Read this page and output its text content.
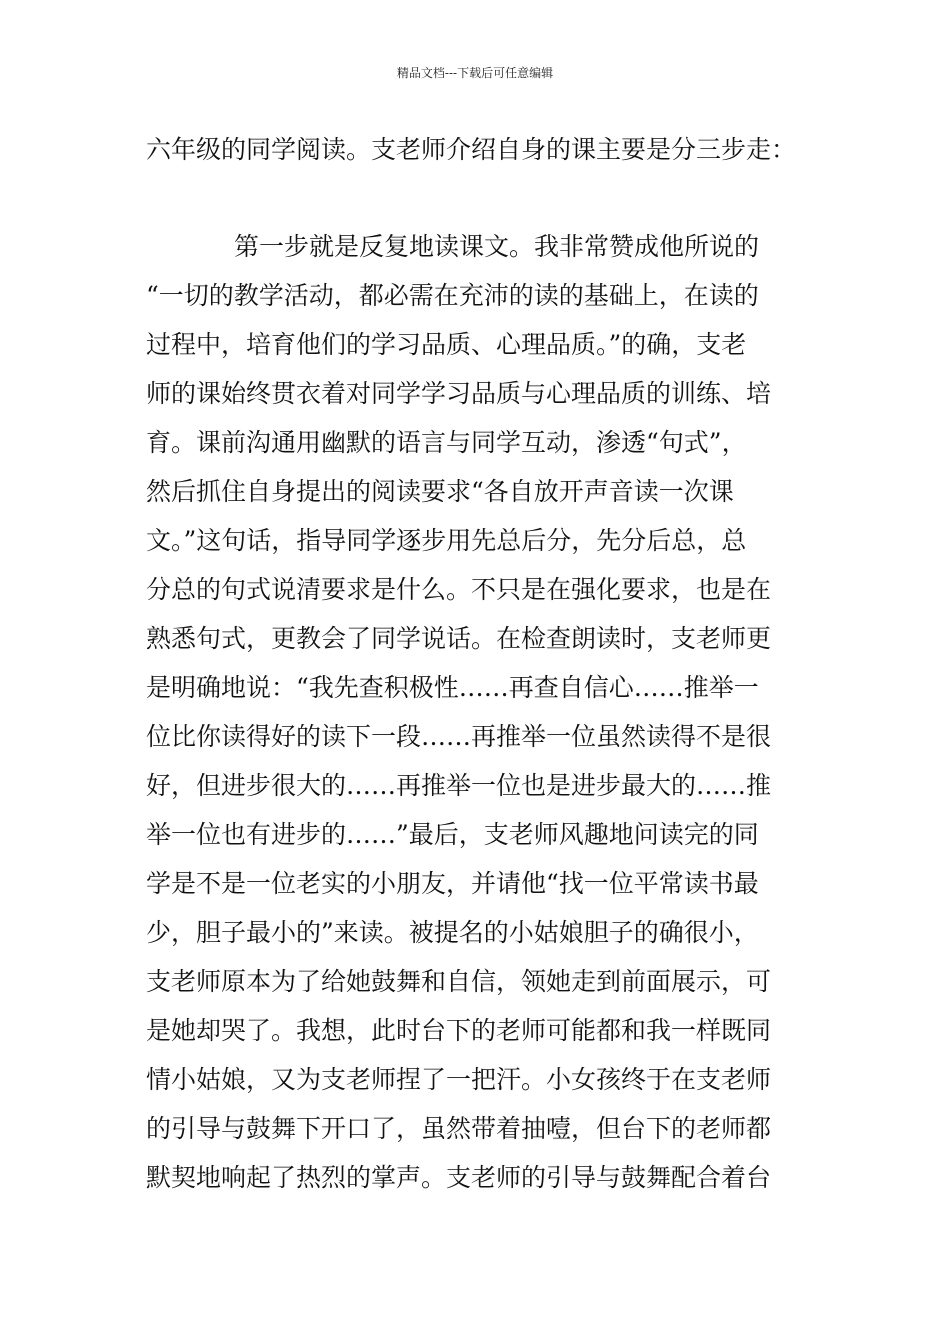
精品文档---下载后可任意编辑
六年级的同学阅读。支老师介绍自身的课主要是分三步走：
第一步就是反复地读课文。我非常赞成他所说的
“一切的教学活动，都必需在充沛的读的基础上，在读的
过程中，培育他们的学习品质、心理品质。”的确，支老
师的课始终贯衣着对同学学习品质与心理品质的训练、培
育。课前沟通用幽默的语言与同学互动，渗透“句式”，
然后抓住自身提出的阅读要求“各自放开声音读一次课
文。”这句话，指导同学逐步用先总后分，先分后总，总
分总的句式说清要求是什么。不只是在强化要求，也是在
熟悉句式，更教会了同学说话。在检查朗读时，支老师更
是明确地说：“我先查积极性……再查自信心……推举一
位比你读得好的读下一段……再推举一位虽然读得不是很
好，但进步很大的……再推举一位也是进步最大的……推
举一位也有进步的……”最后，支老师风趣地问读完的同
学是不是一位老实的小朋友，并请他“找一位平常读书最
少，胆子最小的”来读。被提名的小姑娘胆子的确很小，
支老师原本为了给她鼓舞和自信，领她走到前面展示，可
是她却哭了。我想，此时台下的老师可能都和我一样既同
情小姑娘，又为支老师捏了一把汗。小女孩终于在支老师
的引导与鼓舞下开口了，虽然带着抽噎，但台下的老师都
默契地响起了热烈的掌声。支老师的引导与鼓舞配合着台
